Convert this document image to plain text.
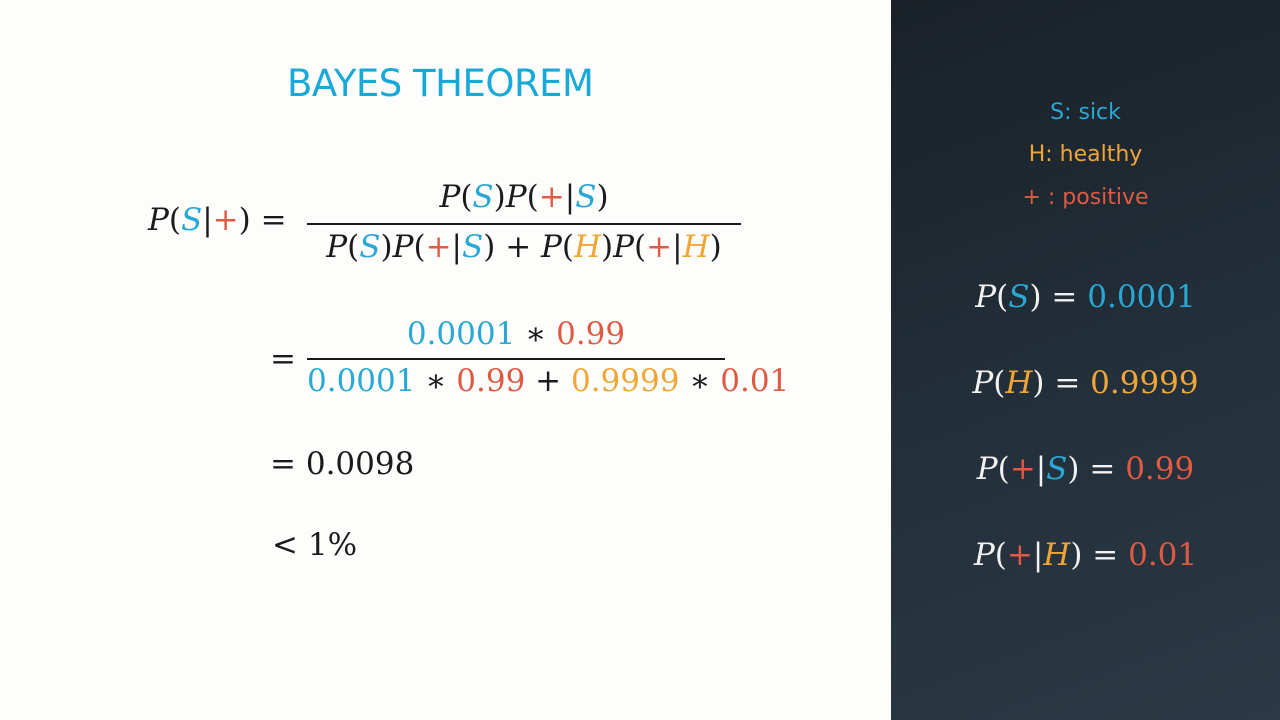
BAYES THEOREM
P(S|+) =
P(S)P(+|S)
P(S)P(+|S) + P(H)P(+|H)
=
0.0001 ∗ 0.99
0.0001 ∗ 0.99 + 0.9999 ∗ 0.01
= 0.0098
< 1%
S: sick
H: healthy
+ : positive
P(S) = 0.0001
P(H) = 0.9999
P(+|S) = 0.99
P(+|H) = 0.01
